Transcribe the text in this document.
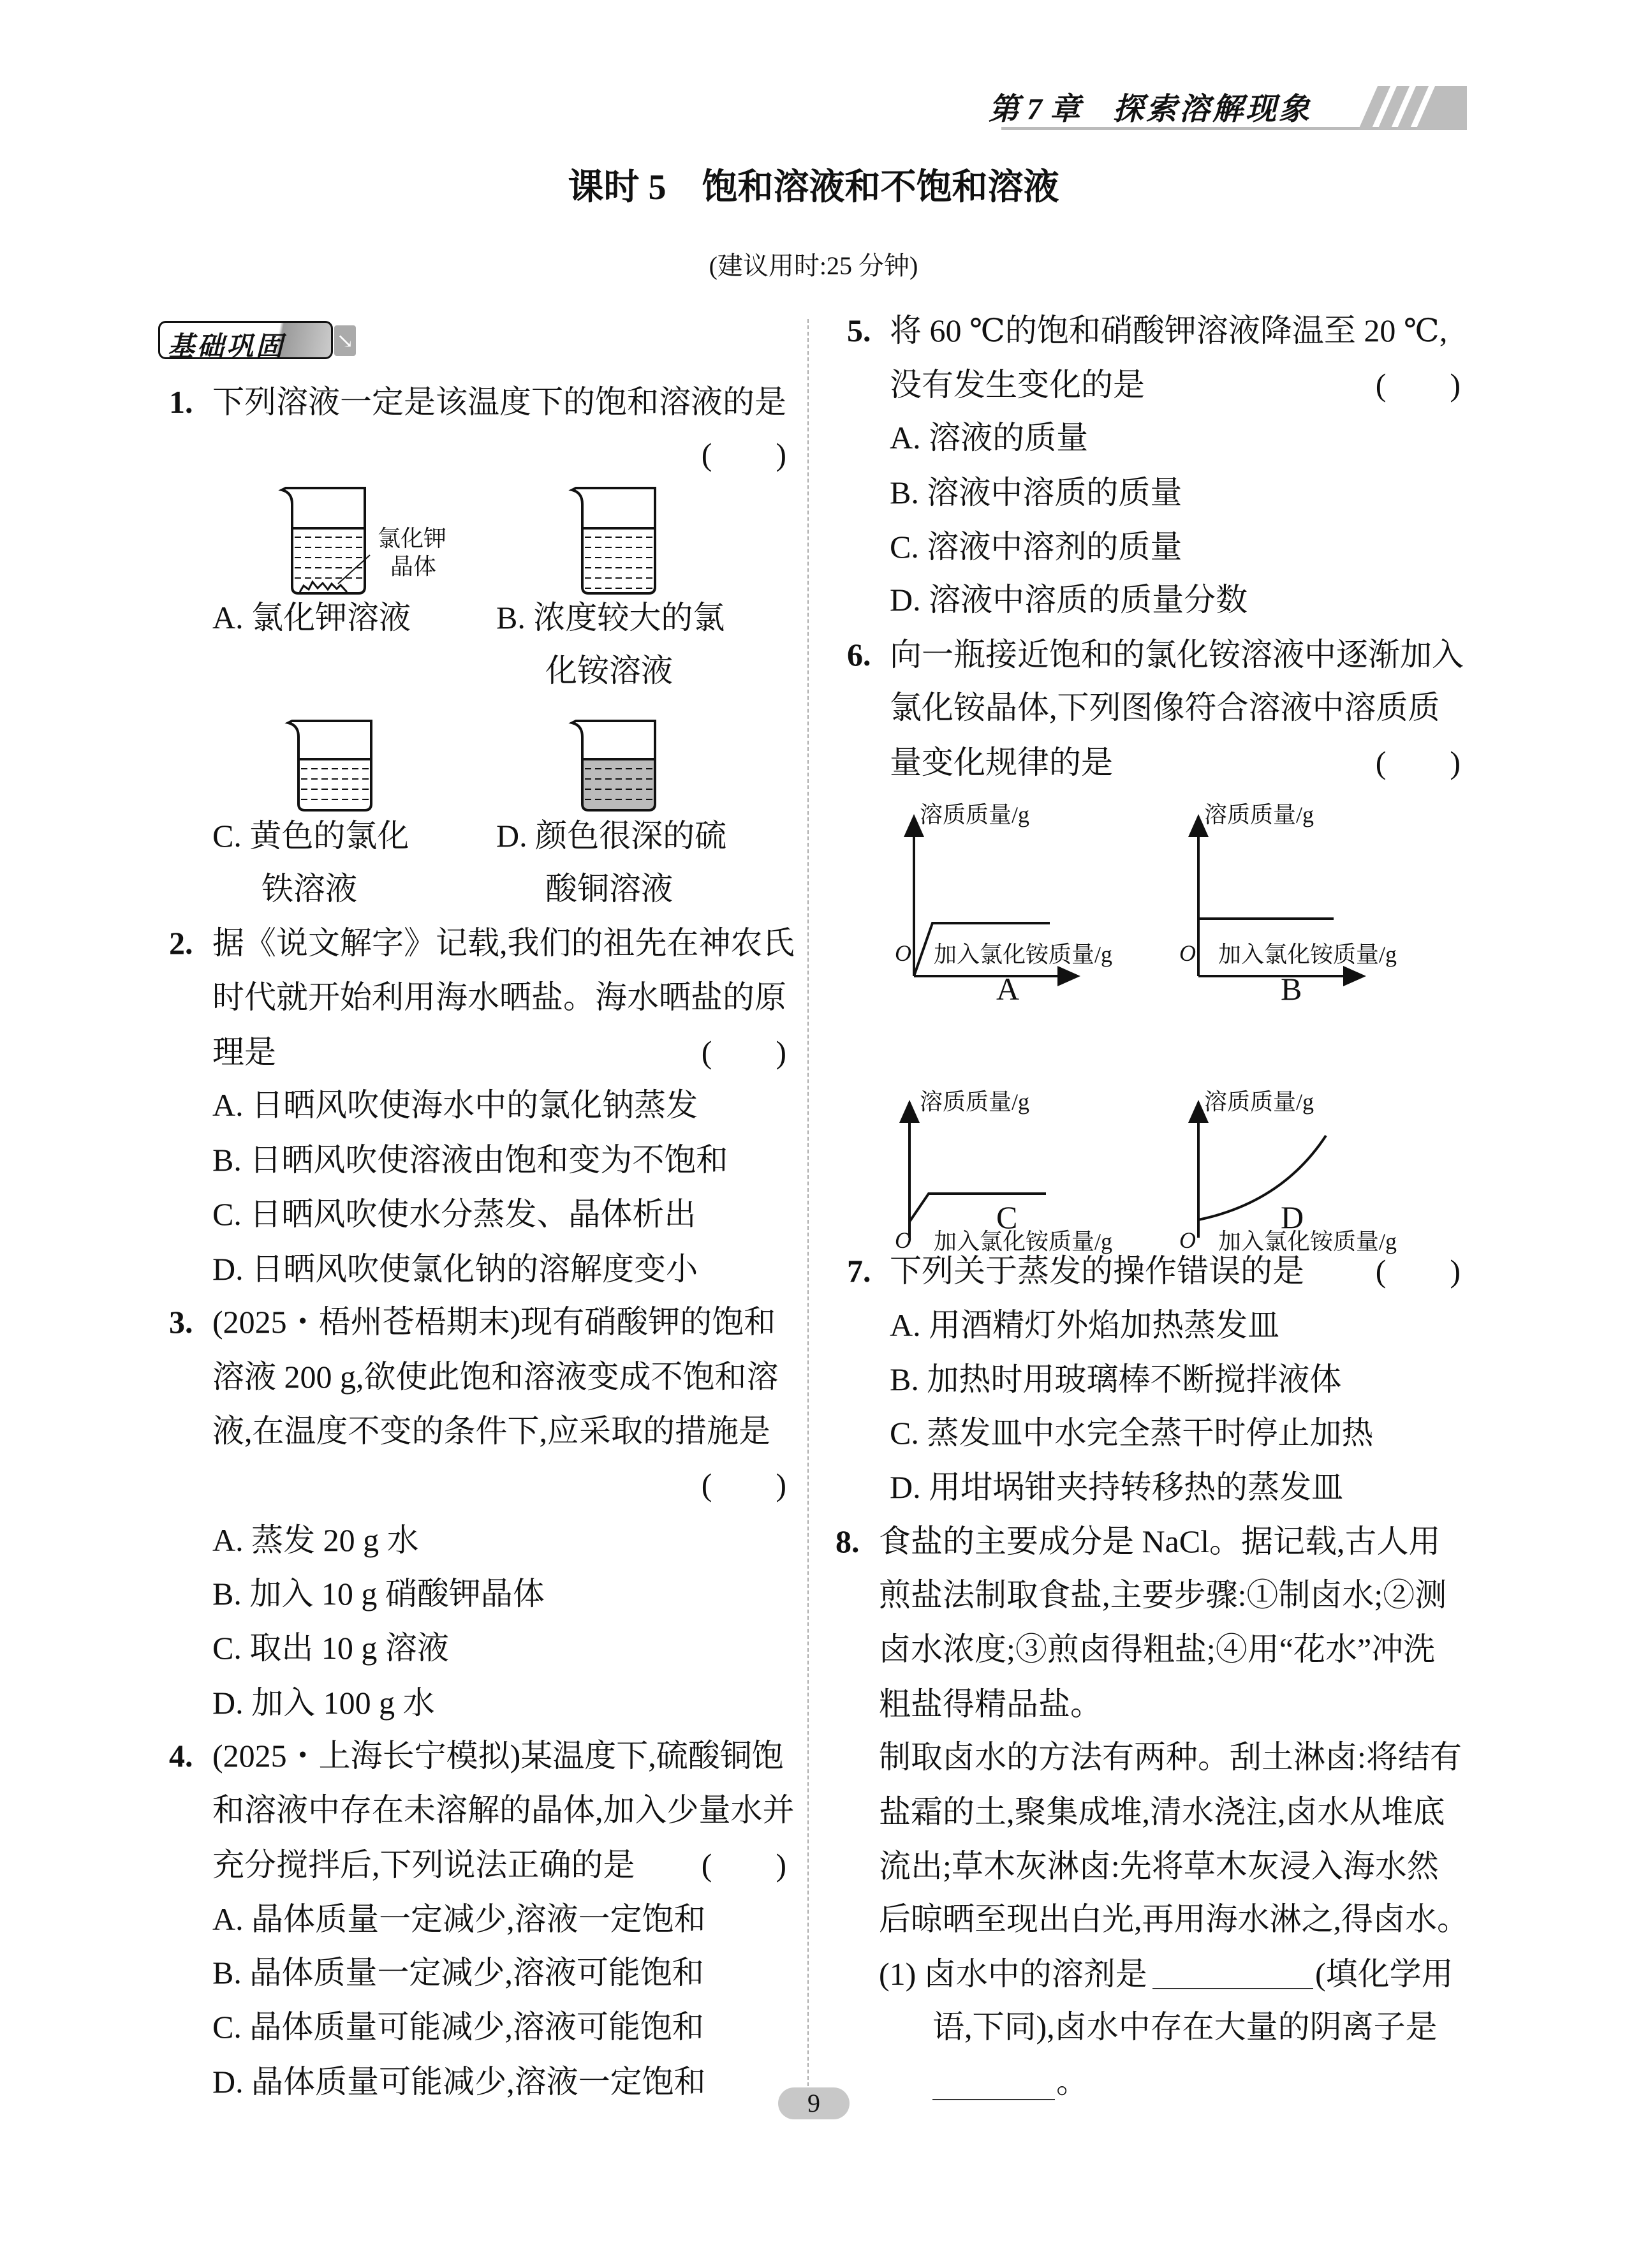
第 7 章 探索溶解现象
课时 5　饱和溶液和不饱和溶液
(建议用时:25 分钟)
基础巩固	↘
1. 下列溶液一定是该温度下的饱和溶液的是
(　　)
氯化钾
晶体
A. 氯化钾溶液	B. 浓度较大的氯
化铵溶液
C. 黄色的氯化
铁溶液
D. 颜色很深的硫
酸铜溶液
2. 据《说文解字》记载,我们的祖先在神农氏
时代就开始利用海水晒盐。海水晒盐的原
理是	(　　)
A. 日晒风吹使海水中的氯化钠蒸发
B. 日晒风吹使溶液由饱和变为不饱和
C. 日晒风吹使水分蒸发、晶体析出
D. 日晒风吹使氯化钠的溶解度变小
3. (2025・梧州苍梧期末)现有硝酸钾的饱和
溶液 200 g,欲使此饱和溶液变成不饱和溶
液,在温度不变的条件下,应采取的措施是
(　　)
A. 蒸发 20 g 水
B. 加入 10 g 硝酸钾晶体
C. 取出 10 g 溶液
D. 加入 100 g 水
4. (2025・上海长宁模拟)某温度下,硫酸铜饱
和溶液中存在未溶解的晶体,加入少量水并
充分搅拌后,下列说法正确的是	(　　)
A. 晶体质量一定减少,溶液一定饱和
B. 晶体质量一定减少,溶液可能饱和
C. 晶体质量可能减少,溶液可能饱和
D. 晶体质量可能减少,溶液一定饱和
5. 将 60 ℃的饱和硝酸钾溶液降温至 20 ℃,
没有发生变化的是	(　　)
A. 溶液的质量
B. 溶液中溶质的质量
C. 溶液中溶剂的质量
D. 溶液中溶质的质量分数
6. 向一瓶接近饱和的氯化铵溶液中逐渐加入
氯化铵晶体,下列图像符合溶液中溶质质
量变化规律的是	(　　)
溶质质量/g
O 加入氯化铵质量/g
A
溶质质量/g
O 加入氯化铵质量/g
B
溶质质量/g
O 加入氯化铵质量/g
C
溶质质量/g
O 加入氯化铵质量/g
D
7. 下列关于蒸发的操作错误的是	(　　)
A. 用酒精灯外焰加热蒸发皿
B. 加热时用玻璃棒不断搅拌液体
C. 蒸发皿中水完全蒸干时停止加热
D. 用坩埚钳夹持转移热的蒸发皿
8. 食盐的主要成分是 NaCl。据记载,古人用
煎盐法制取食盐,主要步骤:①制卤水;②测
卤水浓度;③煎卤得粗盐;④用“花水”冲洗
粗盐得精品盐。
制取卤水的方法有两种。刮土淋卤:将结有
盐霜的土,聚集成堆,清水浇注,卤水从堆底
流出;草木灰淋卤:先将草木灰浸入海水然
后晾晒至现出白光,再用海水淋之,得卤水。
(1) 卤水中的溶剂是	(填化学用
语,下同),卤水中存在大量的阴离子是
。
9
